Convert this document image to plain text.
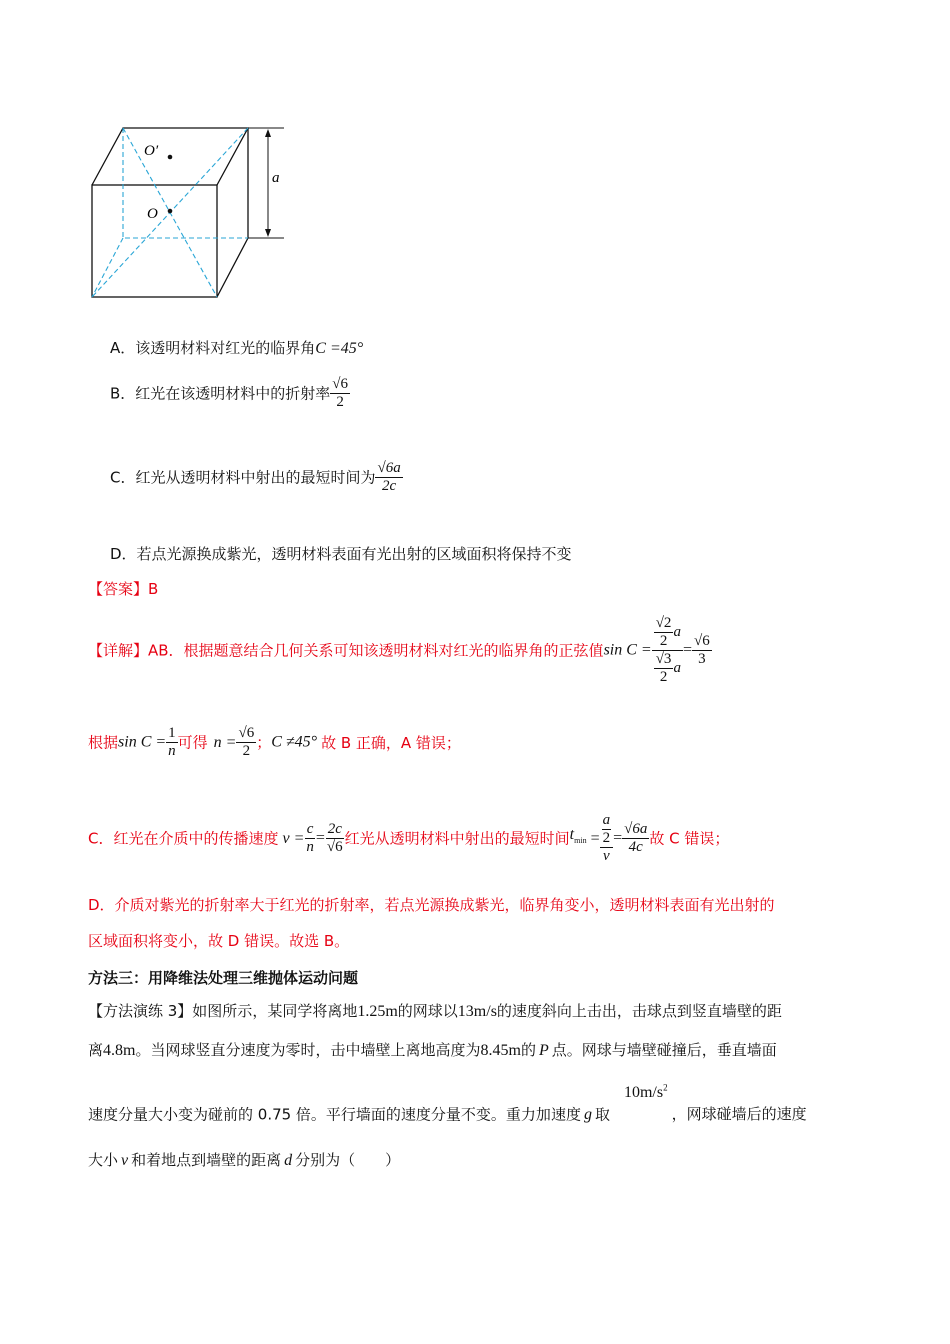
O′
O
a
A．该透明材料对红光的临界角C =45°
B．红光在该透明材料中的折射率 $\frac{√6}{2}$
C．红光从透明材料中射出的最短时间为 $\frac{√6a}{2c}$
D．若点光源换成紫光，透明材料表面有光出射的区域面积将保持不变
【答案】B
【详解】AB．根据题意结合几何关系可知该透明材料对红光的临界角的正弦值$\sin C = \frac{\frac{√2}{2} a}{\frac{√3}{2} a} = \frac{√6}{3}$
根据$\sin C = \frac{1}{n}$ 可得 $n = \frac{√6}{2}$ ；C ≠45° 故 B 正确，A 错误；
C．红光在介质中的传播速度 $v = \frac{c}{n} = \frac{2c}{√6}$ 红光从透明材料中射出的最短时间$t_{min} = a$
2
$v = \frac{√6a}{4c}$ 故 C 错误；
D．介质对紫光的折射率大于红光的折射率，若点光源换成紫光，临界角变小，透明材料表面有光出射的
区域面积将变小，故 D 错误。故选 B。
方法三：用降维法处理三维抛体运动问题
【方法演练 3】如图所示，某同学将离地1.25m的网球以13m/s的速度斜向上击出，击球点到竖直墙壁的距
离4.8m。当网球竖直分速度为零时，击中墙壁上离地高度为8.45m的 P 点。网球与墙壁碰撞后，垂直墙面
速度分量大小变为碰前的 0.75 倍。平行墙面的速度分量不变。重力加速度 g 取$10m/s^2$，网球碰墙后的速度
大小 v 和着地点到墙壁的距离 d 分别为（　　）
